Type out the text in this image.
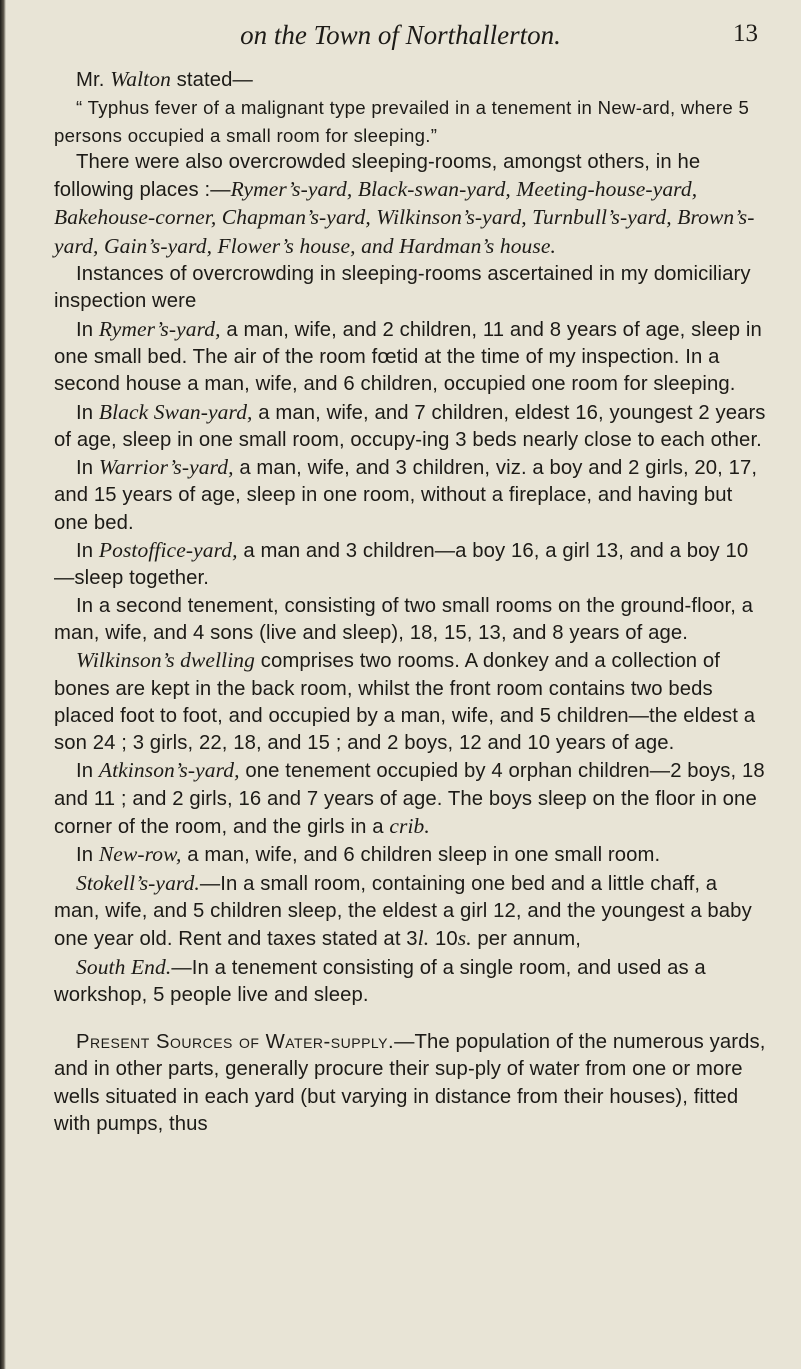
on the Town of Northallerton.	13

Mr. Walton stated—

“ Typhus fever of a malignant type prevailed in a tenement in New-ard, where 5 persons occupied a small room for sleeping.”

There were also overcrowded sleeping-rooms, amongst others, in he following places :—Rymer’s-yard, Black-swan-yard, Meeting-house-yard, Bakehouse-corner, Chapman’s-yard, Wilkinson’s-yard, Turnbull’s-yard, Brown’s-yard, Gain’s-yard, Flower’s house, and Hardman’s house.

Instances of overcrowding in sleeping-rooms ascertained in my domiciliary inspection were

In Rymer’s-yard, a man, wife, and 2 children, 11 and 8 years of age, sleep in one small bed. The air of the room fœtid at the time of my inspection. In a second house a man, wife, and 6 children, occupied one room for sleeping.

In Black Swan-yard, a man, wife, and 7 children, eldest 16, youngest 2 years of age, sleep in one small room, occupy-ing 3 beds nearly close to each other.

In Warrior’s-yard, a man, wife, and 3 children, viz. a boy and 2 girls, 20, 17, and 15 years of age, sleep in one room, without a fireplace, and having but one bed.

In Postoffice-yard, a man and 3 children—a boy 16, a girl 13, and a boy 10—sleep together.

In a second tenement, consisting of two small rooms on the ground-floor, a man, wife, and 4 sons (live and sleep), 18, 15, 13, and 8 years of age.

Wilkinson’s dwelling comprises two rooms. A donkey and a collection of bones are kept in the back room, whilst the front room contains two beds placed foot to foot, and occupied by a man, wife, and 5 children—the eldest a son 24 ; 3 girls, 22, 18, and 15 ; and 2 boys, 12 and 10 years of age.

In Atkinson’s-yard, one tenement occupied by 4 orphan children—2 boys, 18 and 11 ; and 2 girls, 16 and 7 years of age. The boys sleep on the floor in one corner of the room, and the girls in a crib.

In New-row, a man, wife, and 6 children sleep in one small room.

Stokell’s-yard.—In a small room, containing one bed and a little chaff, a man, wife, and 5 children sleep, the eldest a girl 12, and the youngest a baby one year old. Rent and taxes stated at 3l. 10s. per annum,

South End.—In a tenement consisting of a single room, and used as a workshop, 5 people live and sleep.

Present Sources of Water-supply.—The population of the numerous yards, and in other parts, generally procure their sup-ply of water from one or more wells situated in each yard (but varying in distance from their houses), fitted with pumps, thus
